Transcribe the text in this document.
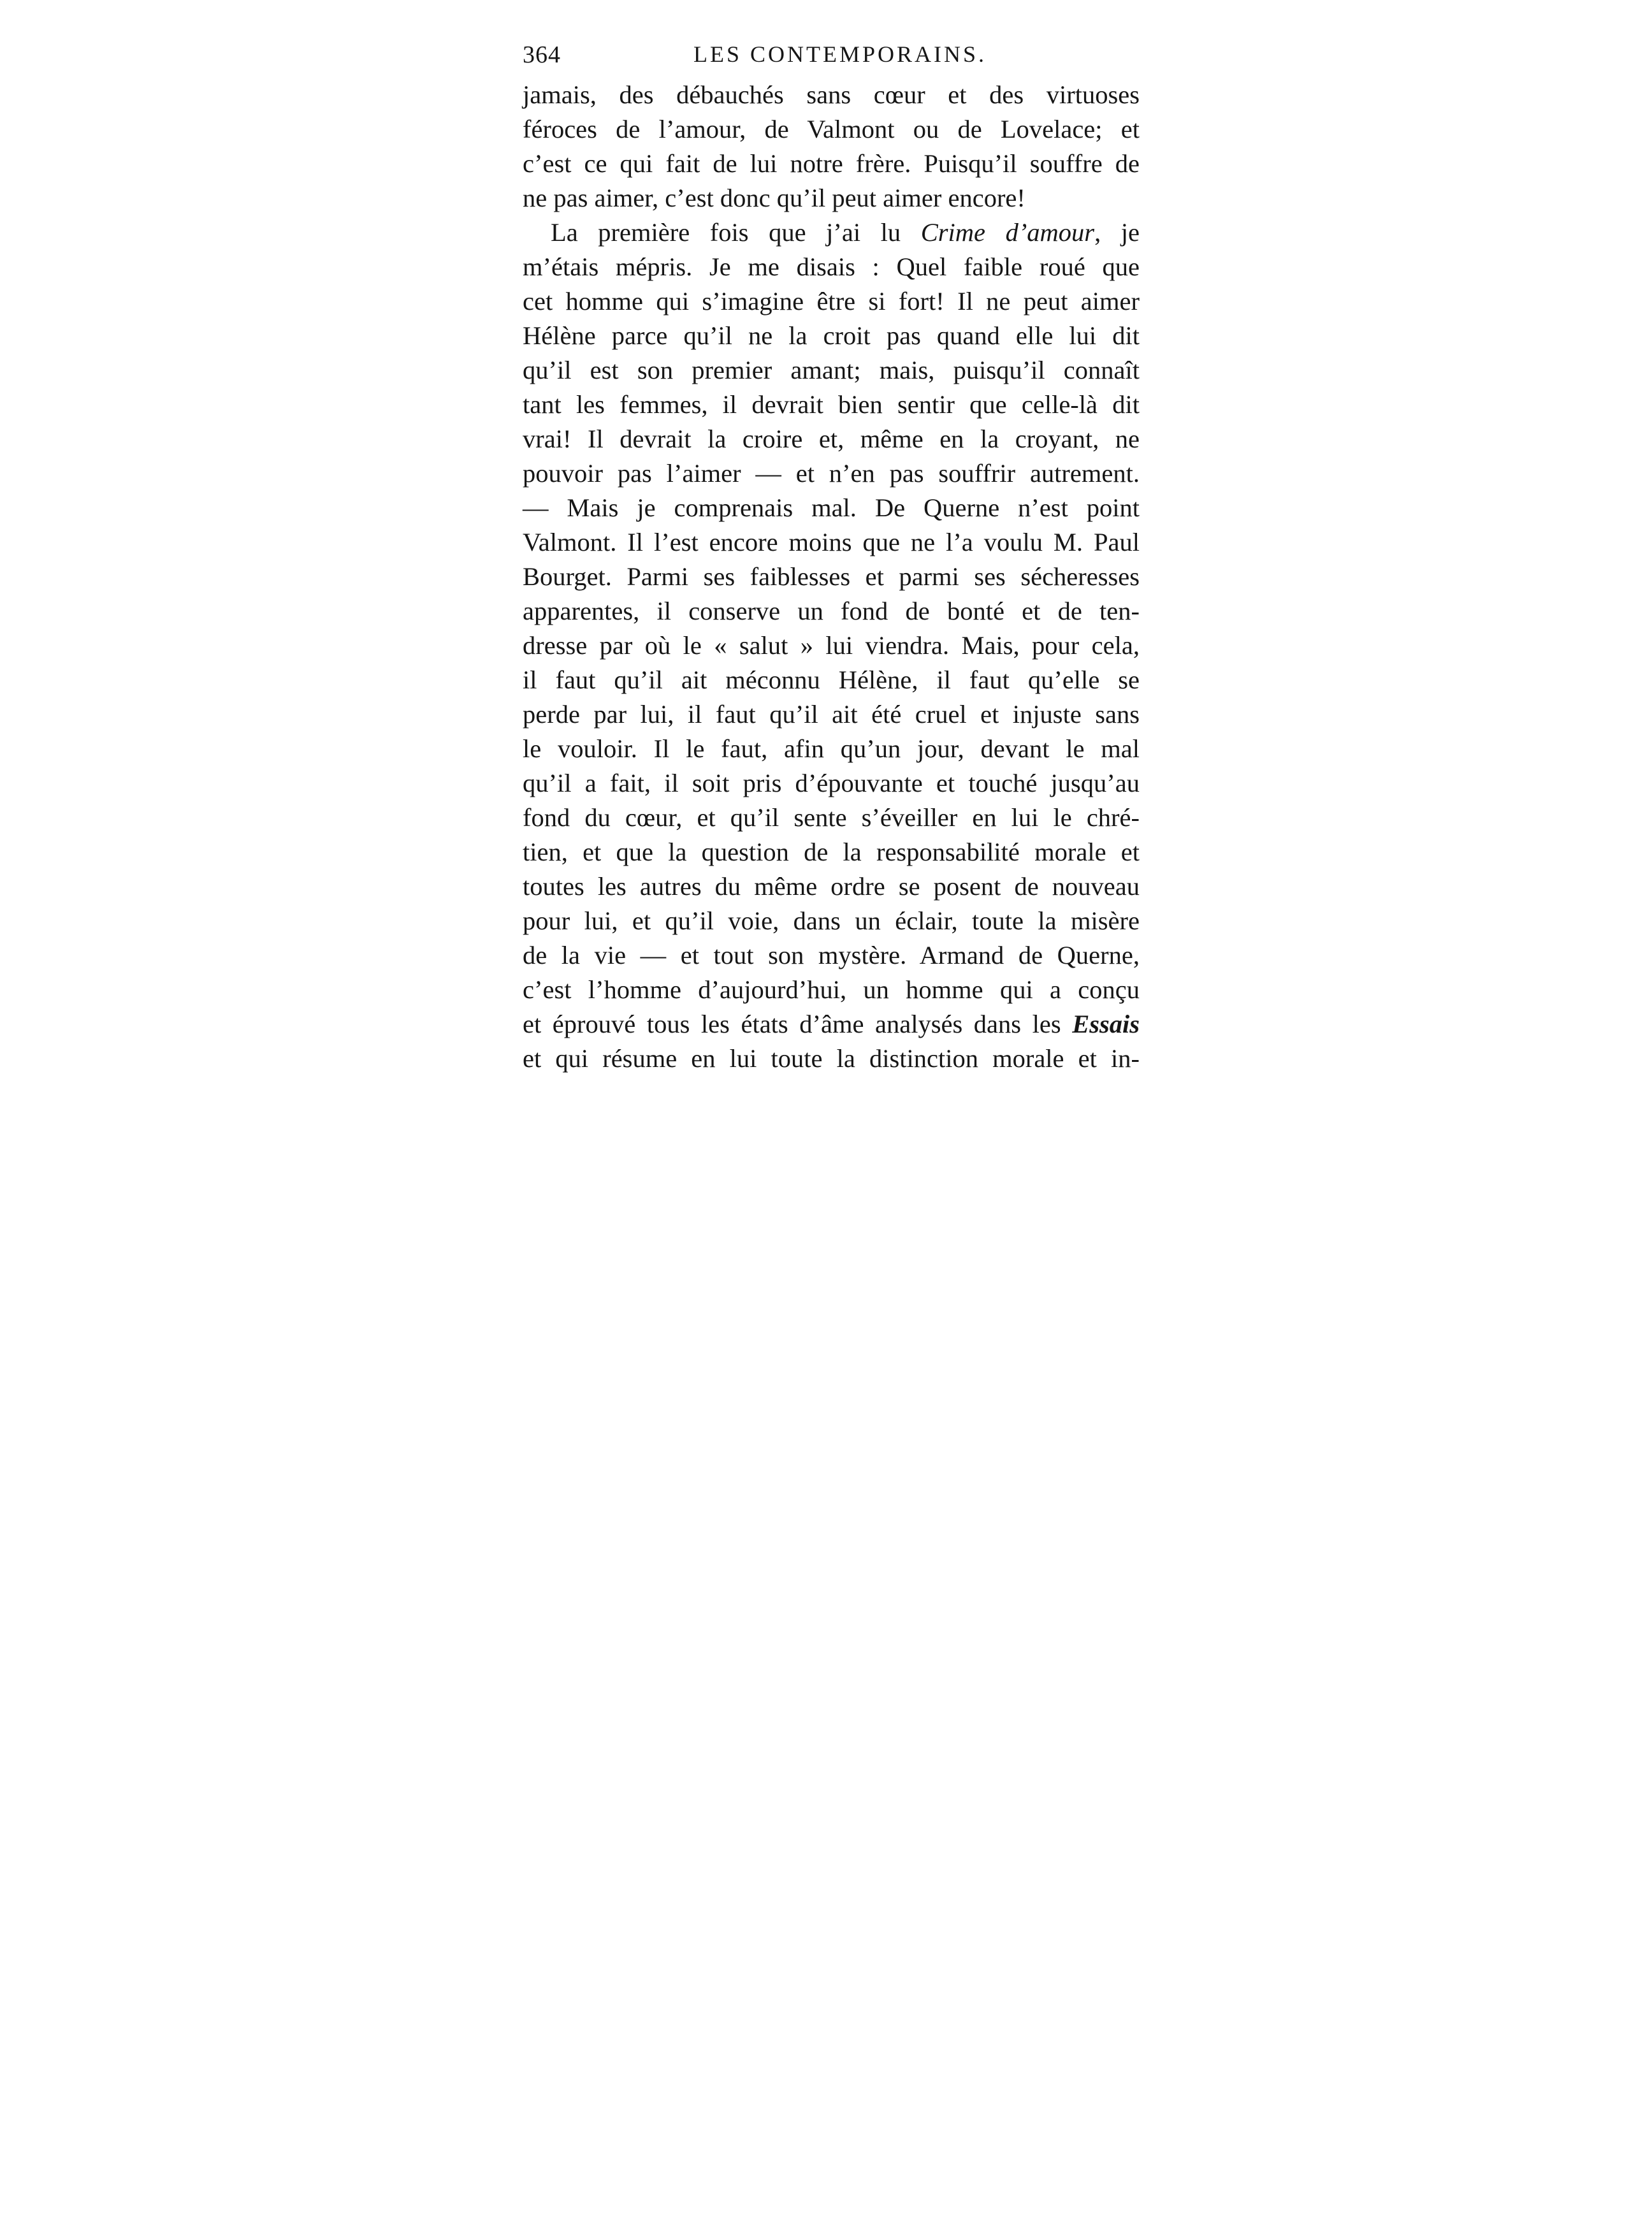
364	LES CONTEMPORAINS.
jamais, des débauchés sans cœur et des virtuoses
féroces de l’amour, de Valmont ou de Lovelace; et
c’est ce qui fait de lui notre frère. Puisqu’il souffre de
ne pas aimer, c’est donc qu’il peut aimer encore!
La première fois que j’ai lu Crime d’amour, je
m’étais mépris. Je me disais : Quel faible roué que
cet homme qui s’imagine être si fort! Il ne peut aimer
Hélène parce qu’il ne la croit pas quand elle lui dit
qu’il est son premier amant; mais, puisqu’il connaît
tant les femmes, il devrait bien sentir que celle-là dit
vrai! Il devrait la croire et, même en la croyant, ne
pouvoir pas l’aimer — et n’en pas souffrir autrement.
— Mais je comprenais mal. De Querne n’est point
Valmont. Il l’est encore moins que ne l’a voulu M. Paul
Bourget. Parmi ses faiblesses et parmi ses sécheresses
apparentes, il conserve un fond de bonté et de ten-
dresse par où le « salut » lui viendra. Mais, pour cela,
il faut qu’il ait méconnu Hélène, il faut qu’elle se
perde par lui, il faut qu’il ait été cruel et injuste sans
le vouloir. Il le faut, afin qu’un jour, devant le mal
qu’il a fait, il soit pris d’épouvante et touché jusqu’au
fond du cœur, et qu’il sente s’éveiller en lui le chré-
tien, et que la question de la responsabilité morale et
toutes les autres du même ordre se posent de nouveau
pour lui, et qu’il voie, dans un éclair, toute la misère
de la vie — et tout son mystère. Armand de Querne,
c’est l’homme d’aujourd’hui, un homme qui a conçu
et éprouvé tous les états d’âme analysés dans les Essais
et qui résume en lui toute la distinction morale et in-
